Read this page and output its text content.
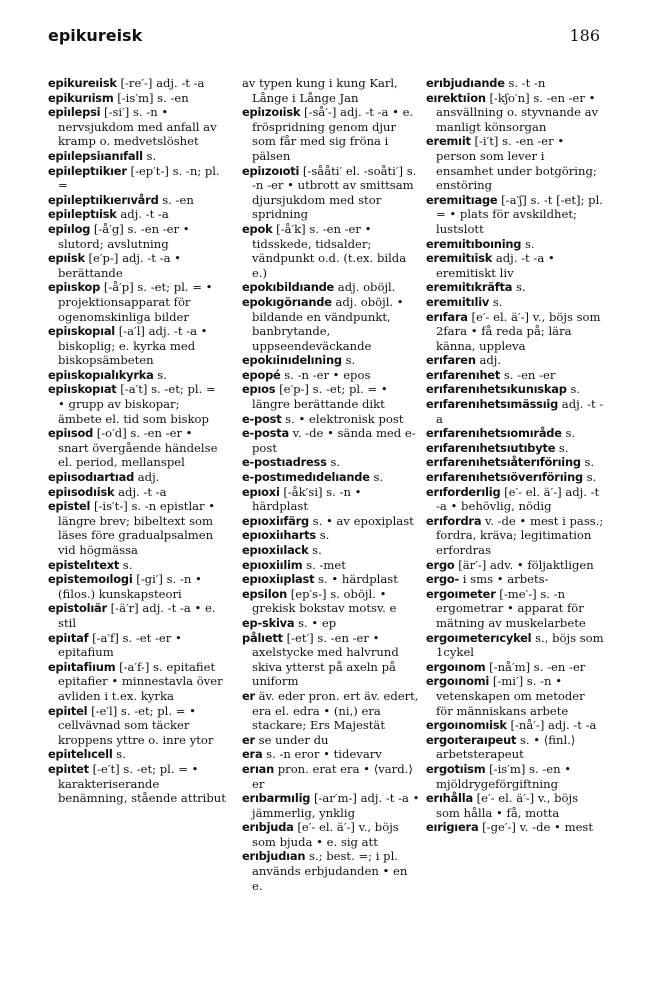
epikureisk	186

epikureıisk [-re′-] adj. -t -a

epikurıism [-is′m] s. -en

epiılepsi [-si′] s. -n • nervsjukdom med anfall av kramp o. medvetslöshet

epiılepsiıanıfall s.

epiıleptıikıer [-ep′t-] s. -n; pl. =

epiıleptıikıerıvård s. -en

epiıleptıisk adj. -t -a

epiılog [-å′g] s. -en -er • slutord; avslutning

epıisk [e′p-] adj. -t -a • berättande

epiıskop [-å′p] s. -et; pl. = • projektionsapparat för ogenomskinliga bilder

epiıskopıal [-a′l] adj. -t -a • biskoplig; e. kyrka med biskopsämbeten

epiıskopıalıkyrka s.

epiıskopıat [-a′t] s. -et; pl. = • grupp av biskopar; ämbete el. tid som biskop

epiısod [-o′d] s. -en -er • snart övergående händelse el. period, mellanspel

epiısodıartıad adj.

epiısodıisk adj. -t -a

epistel [-is′t-] s. -n epistlar • längre brev; bibeltext som läses före gradualpsalmen vid högmässa

epistelıtext s.

epistemoılogi [-gi′] s. -n • (filos.) kunskapsteori

epistolıär [-ä′r] adj. -t -a • e. stil

epiıtaf [-a′f] s. -et -er • epitafium

epiıtafiıum [-a′f-] s. epitafiet epitafier • minnestavla över avliden i t.ex. kyrka

epiıtel [-e′l] s. -et; pl. = • cellvävnad som täcker kroppens yttre o. inre ytor

epiıtelıcell s.

epiıtet [-e′t] s. -et; pl. = • karakteriserande benämning, stående attribut

av typen kung i kung Karl, Långe i Långe Jan

epiızoıisk [-så′-] adj. -t -a • e. fröspridning genom djur som får med sig fröna i pälsen

epiızoıoti [-sååti′ el. -soåti′] s. -n -er • utbrott av smittsam djursjukdom med stor spridning

epok [-å′k] s. -en -er • tidsskede, tidsalder; vändpunkt o.d. (t.ex. bilda e.)

epokıbildıande adj. oböjl.

epokıgörıande adj. oböjl. • bildande en vändpunkt, banbrytande, uppseendeväckande

epokıinıdelıning s.

epopé s. -n -er • epos

epıos [e′p-] s. -et; pl. = • längre berättande dikt

e-post s. • elektronisk post

e-posta v. -de • sända med e-post

e-postıadress s.

e-postımedıdelıande s.

epıoxi [-åk′si] s. -n • härdplast

epıoxiıfärg s. • av epoxiplast

epıoxiıharts s.

epıoxiılack s.

epıoxiılim s. -met

epıoxiıplast s. • härdplast

epsilon [ep′s-] s. oböjl. • grekisk bokstav motsv. e

ep-skiva s. • ep

pålıett [-et′] s. -en -er • axelstycke med halvrund skiva ytterst på axeln på uniform

er äv. eder pron. ert äv. edert, era el. edra • (ni,) era stackare; Ers Majestät

er se under du

era s. -n eror • tidevarv

erıan pron. erat era • ⟨vard.⟩ er

erıbarmılig [-ar′m-] adj. -t -a • jämmerlig, ynklig

erıbjuda [e′- el. ä′-] v., böjs som bjuda • e. sig att

erıbjudıan s.; best. =; i pl. används erbjudanden • en e.

erıbjudıande s. -t -n

eırektıion [-kʃo′n] s. -en -er • ansvällning o. styvnande av manligt könsorgan

eremıit [-i′t] s. -en -er • person som lever i ensamhet under botgöring; enstöring

eremıitıage [-a′ʃ] s. -t [-et]; pl. = • plats för avskildhet; lustslott

eremıitıboıning s.

eremıitıisk adj. -t -a • eremitiskt liv

eremıitıkräfta s.

eremıitıliv s.

erıfara [e′- el. ä′-] v., böjs som 2fara • få reda på; lära känna, uppleva

erıfaren adj.

erıfarenıhet s. -en -er

erıfarenıhetsıkunıskap s.

erıfarenıhetsımässıig adj. -t -a

erıfarenıhetsıomıråde s.

erıfarenıhetsıutıbyte s.

erıfarenıhetsıåterıförıing s.

erıfarenıhetsıöverıförıing s.

erıforderılig [e′- el. ä′-] adj. -t -a • behövlig, nödig

erıfordra v. -de • mest i pass.; fordra, kräva; legitimation erfordras

ergo [är′-] adv. • följaktligen

ergo- i sms • arbets-

ergoımeter [-me′-] s. -n ergometrar • apparat för mätning av muskelarbete

ergoımeterıcykel s., böjs som 1cykel

ergoınom [-nå′m] s. -en -er

ergoınomi [-mi′] s. -n • vetenskapen om metoder för människans arbete

ergoınomıisk [-nå′-] adj. -t -a

ergoıteraıpeut s. • ⟨finl.⟩ arbetsterapeut

ergotıism [-is′m] s. -en • mjöldrygeförgiftning

erıhålla [e′- el. ä′-] v., böjs som hålla • få, motta

eırigıera [-ge′-] v. -de • mest
